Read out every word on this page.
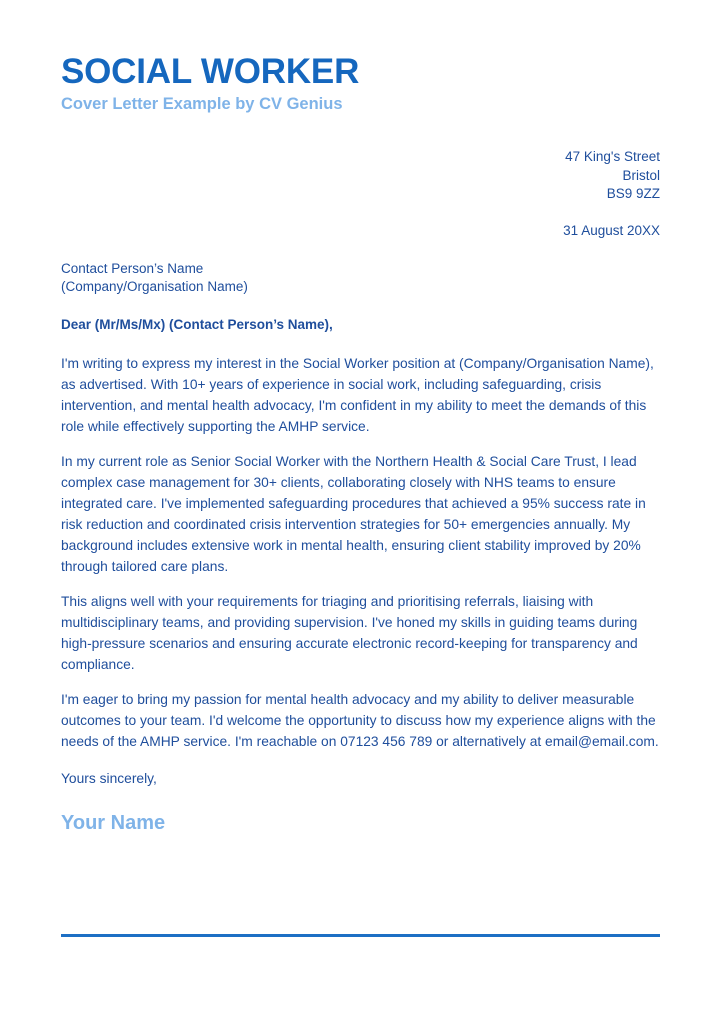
SOCIAL WORKER
Cover Letter Example by CV Genius
47 King's Street
Bristol
BS9 9ZZ
31 August 20XX
Contact Person’s Name
(Company/Organisation Name)
Dear (Mr/Ms/Mx) (Contact Person’s Name),

I'm writing to express my interest in the Social Worker position at (Company/Organisation Name), as advertised. With 10+ years of experience in social work, including safeguarding, crisis intervention, and mental health advocacy, I'm confident in my ability to meet the demands of this role while effectively supporting the AMHP service.

In my current role as Senior Social Worker with the Northern Health & Social Care Trust, I lead complex case management for 30+ clients, collaborating closely with NHS teams to ensure integrated care. I've implemented safeguarding procedures that achieved a 95% success rate in risk reduction and coordinated crisis intervention strategies for 50+ emergencies annually. My background includes extensive work in mental health, ensuring client stability improved by 20% through tailored care plans.

This aligns well with your requirements for triaging and prioritising referrals, liaising with multidisciplinary teams, and providing supervision. I've honed my skills in guiding teams during high-pressure scenarios and ensuring accurate electronic record-keeping for transparency and compliance.

I'm eager to bring my passion for mental health advocacy and my ability to deliver measurable outcomes to your team. I'd welcome the opportunity to discuss how my experience aligns with the needs of the AMHP service. I'm reachable on 07123 456 789 or alternatively at email@email.com.

Yours sincerely,
Your Name
